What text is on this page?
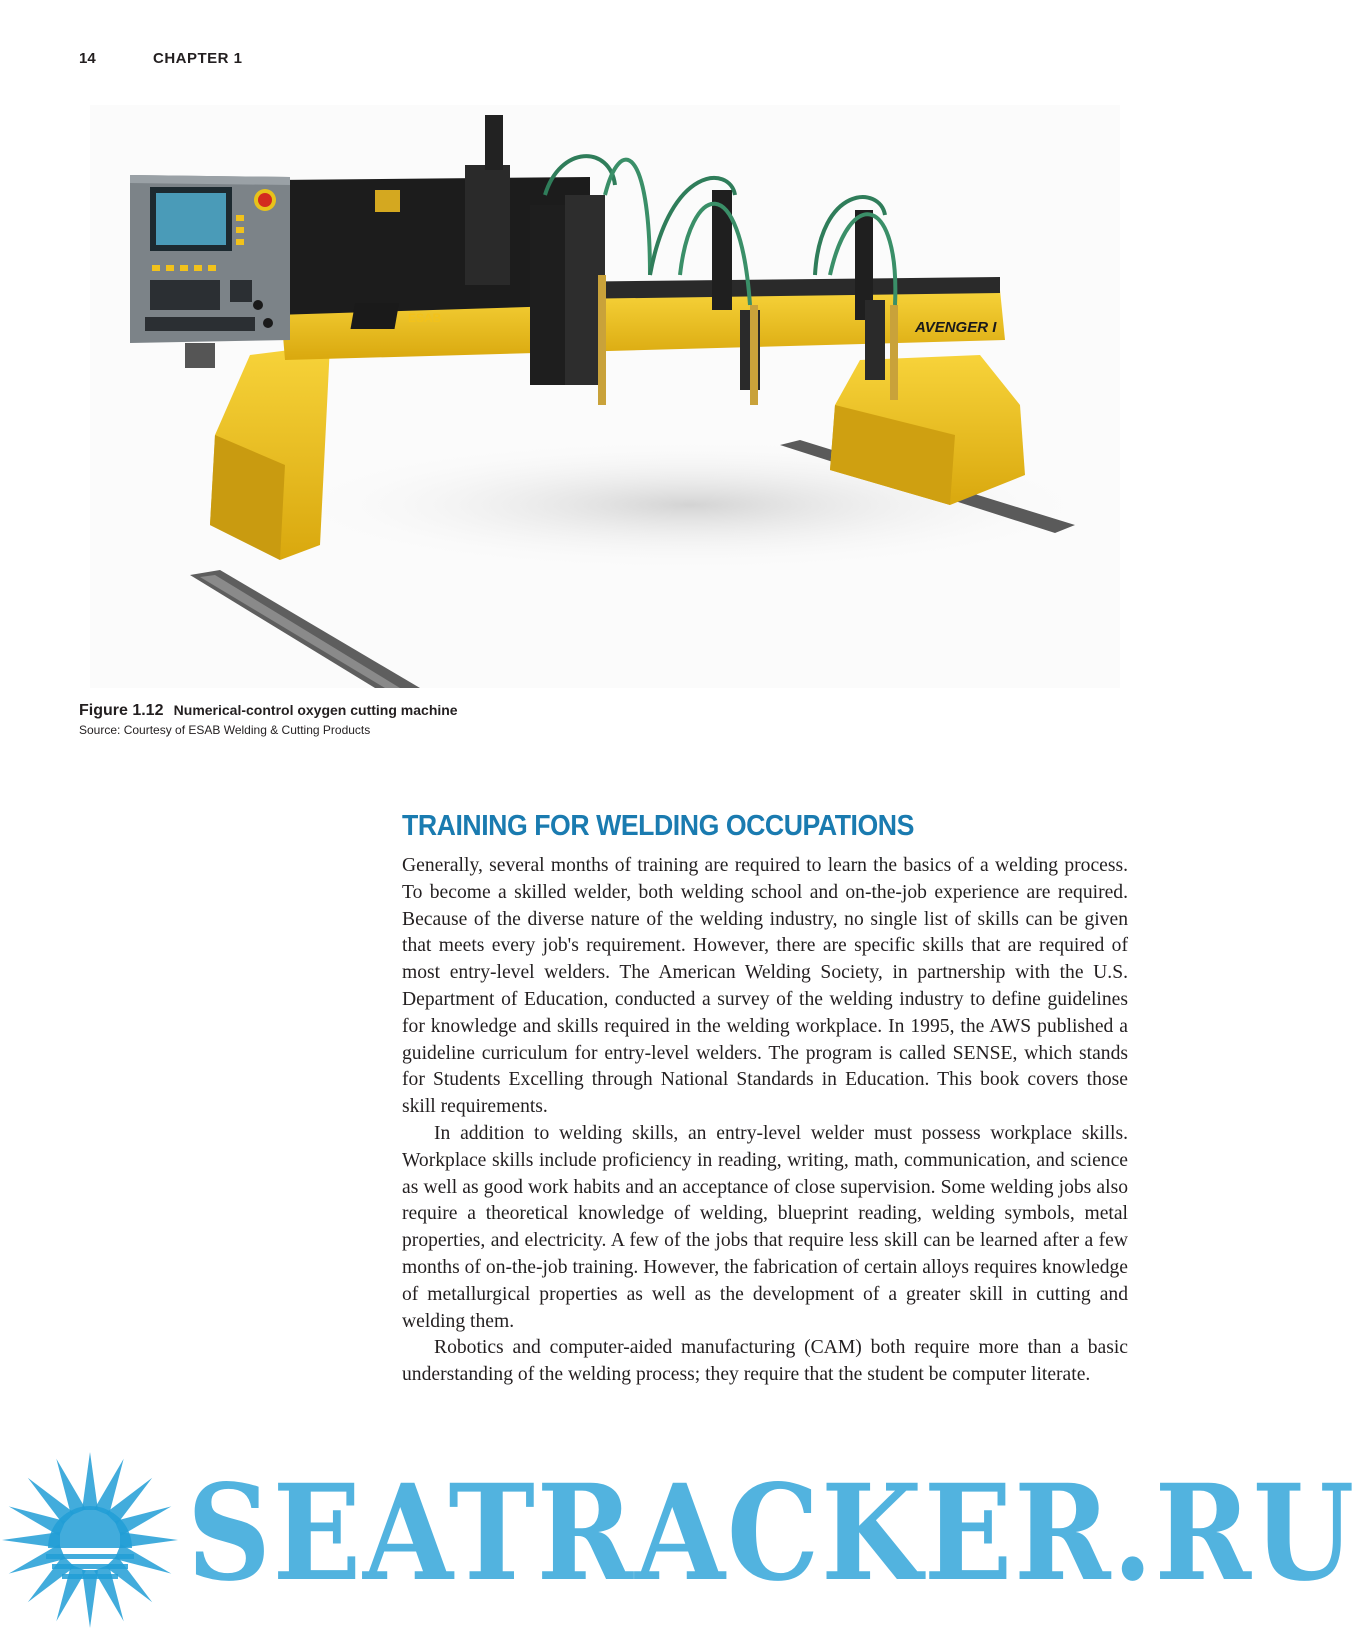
14	CHAPTER 1
ESAB
AVENGER I
Figure 1.12 Numerical-control oxygen cutting machine
Source: Courtesy of ESAB Welding & Cutting Products
TRAINING FOR WELDING OCCUPATIONS

Generally, several months of training are required to learn the basics of a welding process. To become a skilled welder, both welding school and on-the-job experience are required. Because of the diverse nature of the welding industry, no single list of skills can be given that meets every job's requirement. However, there are specific skills that are required of most entry-level welders. The American Welding Society, in partnership with the U.S. Department of Education, conducted a survey of the welding industry to define guidelines for knowledge and skills required in the welding workplace. In 1995, the AWS published a guideline curriculum for entry-level welders. The program is called SENSE, which stands for Students Excelling through National Standards in Education. This book covers those skill requirements.

In addition to welding skills, an entry-level welder must possess workplace skills. Workplace skills include proficiency in reading, writing, math, communication, and science as well as good work habits and an acceptance of close supervision. Some welding jobs also require a theoretical knowledge of welding, blueprint reading, welding symbols, metal properties, and electricity. A few of the jobs that require less skill can be learned after a few months of on-the-job training. However, the fabrication of certain alloys requires knowledge of metallurgical properties as well as the development of a greater skill in cutting and welding them.

Robotics and computer-aided manufacturing (CAM) both require more than a basic understanding of the welding process; they require that the student be computer literate.

SEATRACKER.RU
